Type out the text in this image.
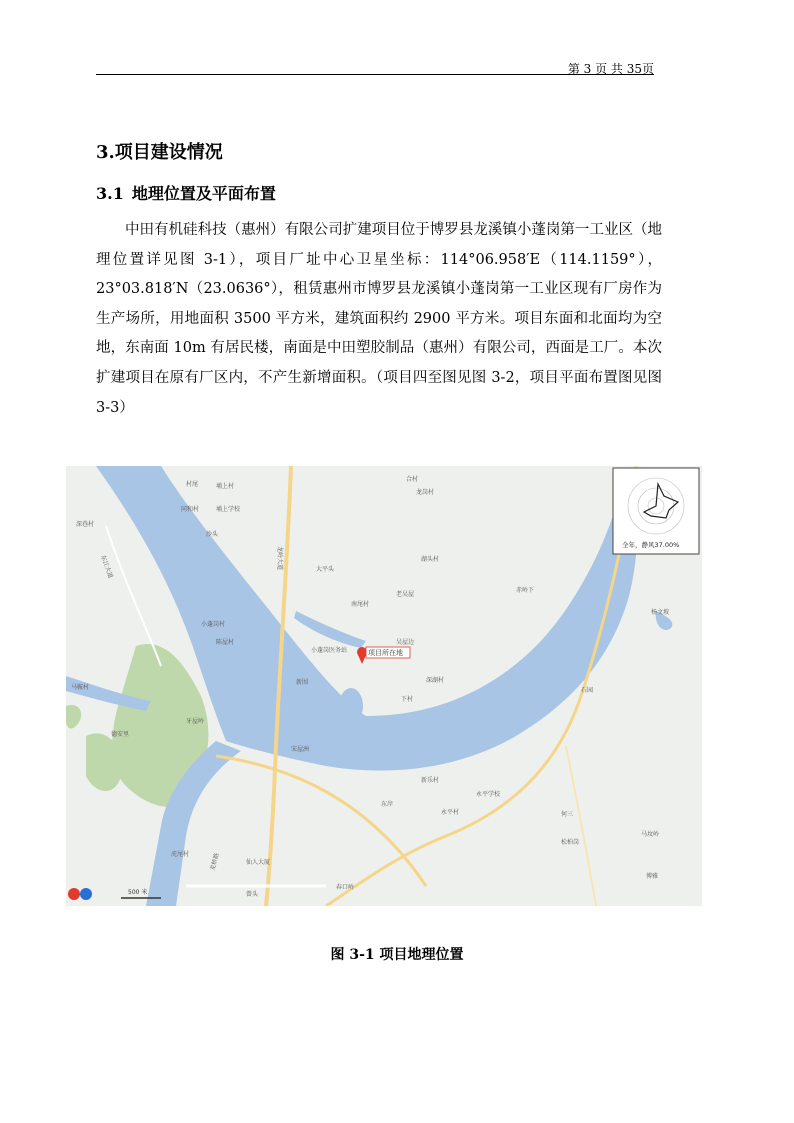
第 3 页 共 35页
3.项目建设情况
3.1 地理位置及平面布置
中田有机硅科技（惠州）有限公司扩建项目位于博罗县龙溪镇小蓬岗第一工业区（地理位置详见图 3-1），项目厂址中心卫星坐标：114°06.958′E（114.1159°），23°03.818′N（23.0636°），租赁惠州市博罗县龙溪镇小蓬岗第一工业区现有厂房作为生产场所，用地面积 3500 平方米，建筑面积约 2900 平方米。项目东面和北面均为空地，东南面 10m 有居民楼，南面是中田塑胶制品（惠州）有限公司，西面是工厂。本次扩建项目在原有厂区内，不产生新增面积。（项目四至图见图 3-2，项目平面布置图见图 3-3）
村尾	埔上村
埔上学校
合村
龙岗村
同和村
深巷村
沙头
大平头
老吴屋
南尾村
湖头村
赤岭下
杨文坡
小蓬岗村
陈屋村
小蓬岗医务站
吴屋边
深湖村
新围
下村
马鞍村
牙屋岭
德安里
宋屋洲
新乐村
东岸
永平村
永平学校
何三
松柏岗
马坟岭
虎尾村
石园
博雅
仙人大厦
春口岭
曾头
龙岭大道
龙桥路
东江大道
项目所在地
全年，静风37.00%
500 米
图 3-1 项目地理位置
